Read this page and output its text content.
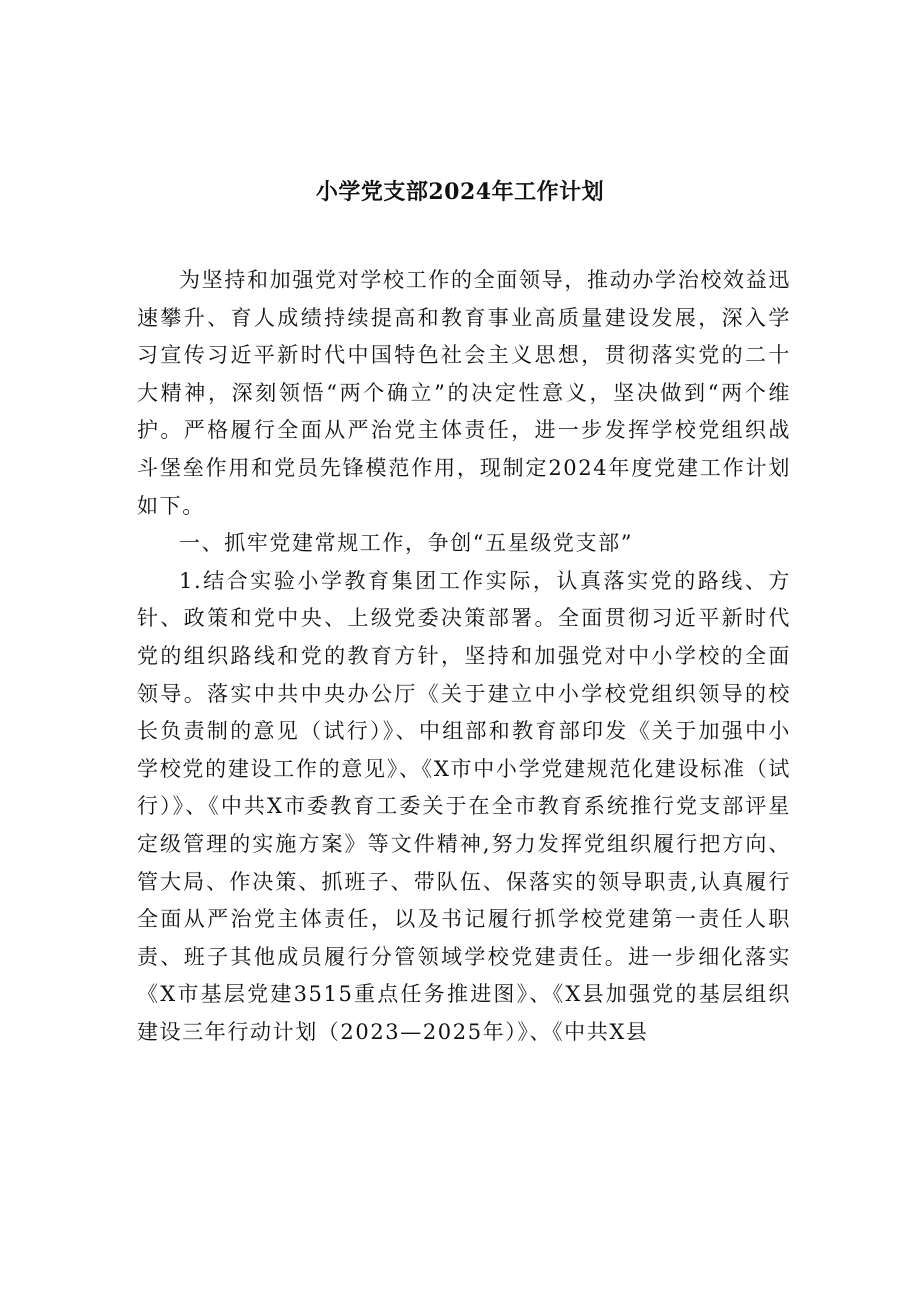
小学党支部2024年工作计划

为坚持和加强党对学校工作的全面领导，推动办学治校效益迅速攀升、育人成绩持续提高和教育事业高质量建设发展，深入学习宣传习近平新时代中国特色社会主义思想，贯彻落实党的二十大精神，深刻领悟“两个确立”的决定性意义，坚决做到“两个维护。严格履行全面从严治党主体责任，进一步发挥学校党组织战斗堡垒作用和党员先锋模范作用，现制定2024年度党建工作计划如下。

一、抓牢党建常规工作，争创“五星级党支部”

1.结合实验小学教育集团工作实际，认真落实党的路线、方针、政策和党中央、上级党委决策部署。全面贯彻习近平新时代党的组织路线和党的教育方针，坚持和加强党对中小学校的全面领导。落实中共中央办公厅《关于建立中小学校党组织领导的校长负责制的意见（试行）》、中组部和教育部印发《关于加强中小学校党的建设工作的意见》、《X市中小学党建规范化建设标准（试行）》、《中共X市委教育工委关于在全市教育系统推行党支部评星定级管理的实施方案》等文件精神,努力发挥党组织履行把方向、管大局、作决策、抓班子、带队伍、保落实的领导职责,认真履行全面从严治党主体责任，以及书记履行抓学校党建第一责任人职责、班子其他成员履行分管领域学校党建责任。进一步细化落实《X市基层党建3515重点任务推进图》、《X县加强党的基层组织建设三年行动计划（2023—2025年）》、《中共X县
